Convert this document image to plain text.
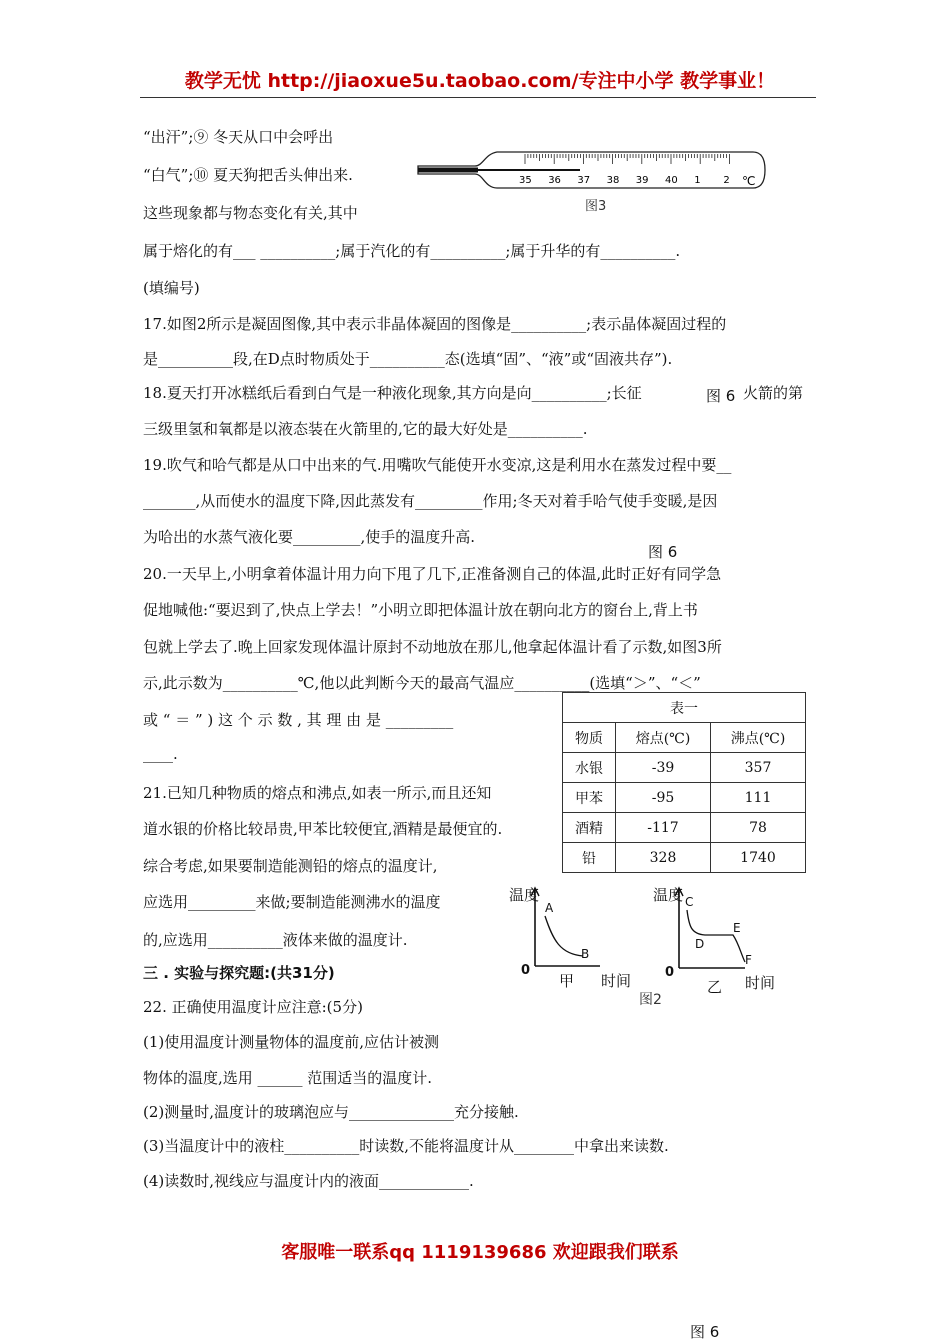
教学无忧 http://jiaoxue5u.taobao.com/专注中小学 教学事业！
“出汗”;⑨ 冬天从口中会呼出
“白气”;⑩ 夏天狗把舌头伸出来.
这些现象都与物态变化有关,其中
属于熔化的有___ __________;属于汽化的有__________;属于升华的有__________.
(填编号)
17.如图2所示是凝固图像,其中表示非晶体凝固的图像是__________;表示晶体凝固过程的
是__________段,在D点时物质处于__________态(选填“固”、“液”或“固液共存”).
18.夏天打开冰糕纸后看到白气是一种液化现象,其方向是向__________;长征
三级里氢和氧都是以液态装在火箭里的,它的最大好处是__________.
19.吹气和哈气都是从口中出来的气.用嘴吹气能使开水变凉,这是利用水在蒸发过程中要__
_______,从而使水的温度下降,因此蒸发有_________作用;冬天对着手哈气使手变暖,是因
为哈出的水蒸气液化要_________,使手的温度升高.
20.一天早上,小明拿着体温计用力向下甩了几下,正准备测自己的体温,此时正好有同学急
促地喊他:“要迟到了,快点上学去！”小明立即把体温计放在朝向北方的窗台上,背上书
包就上学去了.晚上回家发现体温计原封不动地放在那儿,他拿起体温计看了示数,如图3所
示,此示数为__________℃,他以此判断今天的最高气温应__________(选填“＞”、“＜”
或 “ ＝ ” ) 这 个 示 数 , 其 理 由 是 _________
____.
21.已知几种物质的熔点和沸点,如表一所示,而且还知
道水银的价格比较昂贵,甲苯比较便宜,酒精是最便宜的.
综合考虑,如果要制造能测铅的熔点的温度计,
应选用_________来做;要制造能测沸水的温度
的,应选用__________液体来做的温度计.
三 . 实验与探究题:(共31分)
22. 正确使用温度计应注意:(5分)
(1)使用温度计测量物体的温度前,应估计被测
物体的温度,选用 ______ 范围适当的温度计.
(2)测量时,温度计的玻璃泡应与______________充分接触.
(3)当温度计中的液柱__________时读数,不能将温度计从________中拿出来读数.
(4)读数时,视线应与温度计内的液面____________.
图 6 火箭的第
图 6
图 6
35 36 37 38 39 40 1 2 ℃
图3
表一		
物质	熔点(℃)	沸点(℃)
水银	-39	357
甲苯	-95	111
酒精	-117	78
铅	328	1740
温度
0
A
B
甲 时间
温度
0
C
D
E
F
乙 时间
图2
客服唯一联系qq 1119139686 欢迎跟我们联系
